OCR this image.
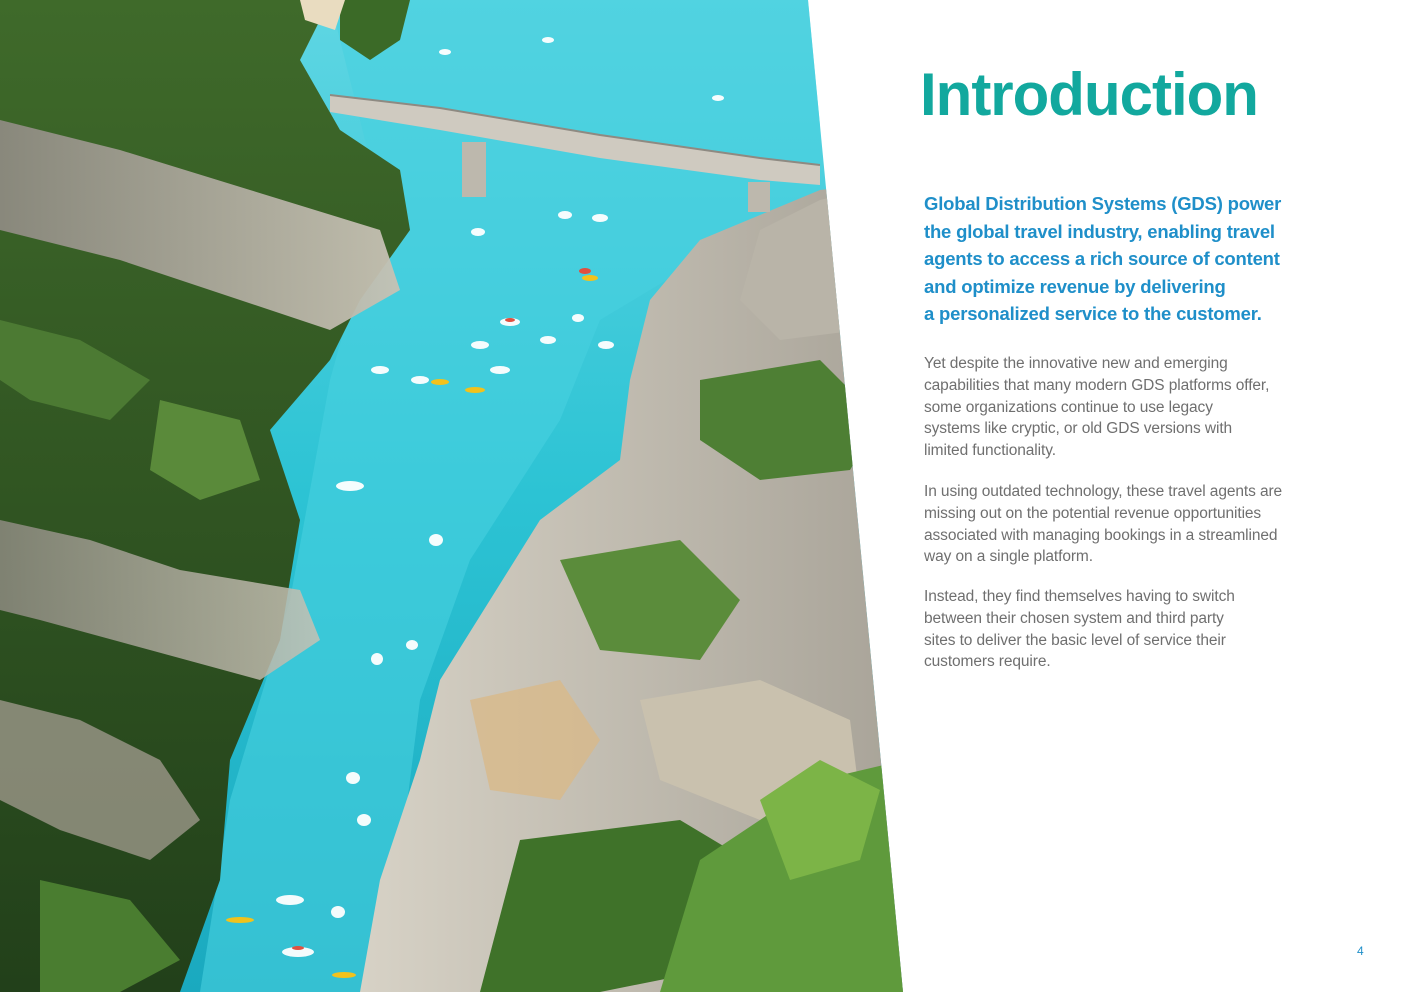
Introduction
Global Distribution Systems (GDS) power
the global travel industry, enabling travel
agents to access a rich source of content
and optimize revenue by delivering
a personalized service to the customer.
Yet despite the innovative new and emerging
capabilities that many modern GDS platforms offer,
some organizations continue to use legacy
systems like cryptic, or old GDS versions with
limited functionality.
In using outdated technology, these travel agents are
missing out on the potential revenue opportunities
associated with managing bookings in a streamlined
way on a single platform.
Instead, they find themselves having to switch
between their chosen system and third party
sites to deliver the basic level of service their
customers require.
4
